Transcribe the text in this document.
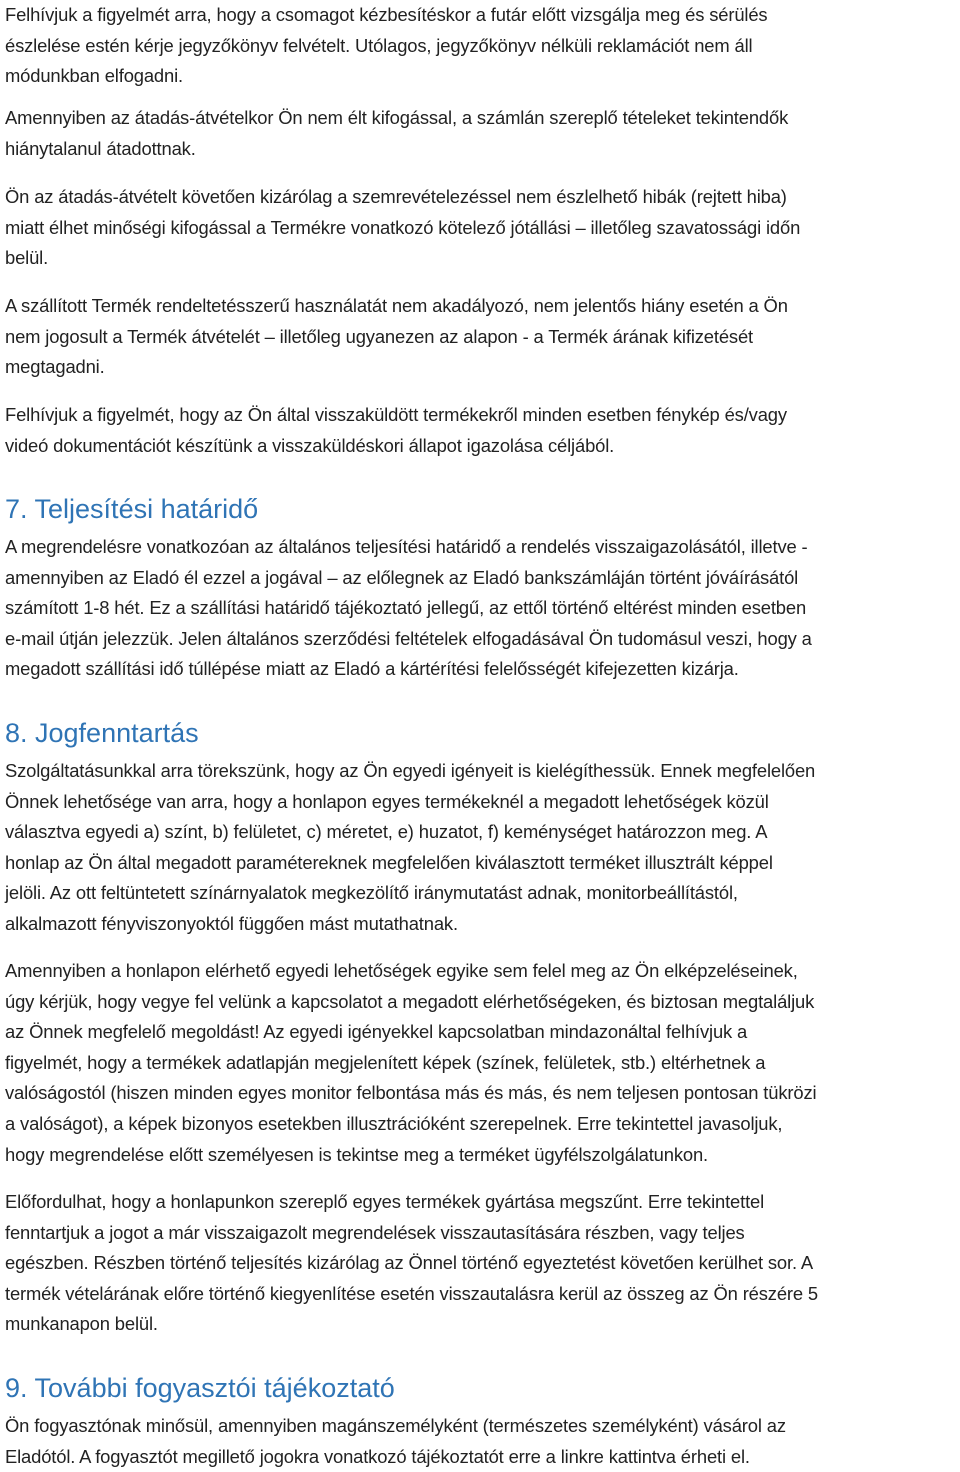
Felhívjuk a figyelmét arra, hogy a csomagot kézbesítéskor a futár előtt vizsgálja meg és sérülés
észlelése estén kérje jegyzőkönyv felvételt. Utólagos, jegyzőkönyv nélküli reklamációt nem áll
módunkban elfogadni.
Amennyiben az átadás-átvételkor Ön nem élt kifogással, a számlán szereplő tételeket tekintendők
hiánytalanul átadottnak.
Ön az átadás-átvételt követően kizárólag a szemrevételezéssel nem észlelhető hibák (rejtett hiba)
miatt élhet minőségi kifogással a Termékre vonatkozó kötelező jótállási – illetőleg szavatossági időn
belül.
A szállított Termék rendeltetésszerű használatát nem akadályozó, nem jelentős hiány esetén a Ön
nem jogosult a Termék átvételét – illetőleg ugyanezen az alapon - a Termék árának kifizetését
megtagadni.
Felhívjuk a figyelmét, hogy az Ön által visszaküldött termékekről minden esetben fénykép és/vagy
videó dokumentációt készítünk a visszaküldéskori állapot igazolása céljából.
7. Teljesítési határidő
A megrendelésre vonatkozóan az általános teljesítési határidő a rendelés visszaigazolásától, illetve -
amennyiben az Eladó él ezzel a jogával – az előlegnek az Eladó bankszámláján történt jóváírásától
számított 1-8 hét. Ez a szállítási határidő tájékoztató jellegű, az ettől történő eltérést minden esetben
e-mail útján jelezzük. Jelen általános szerződési feltételek elfogadásával Ön tudomásul veszi, hogy a
megadott szállítási idő túllépése miatt az Eladó a kártérítési felelősségét kifejezetten kizárja.
8. Jogfenntartás
Szolgáltatásunkkal arra törekszünk, hogy az Ön egyedi igényeit is kielégíthessük. Ennek megfelelően
Önnek lehetősége van arra, hogy a honlapon egyes termékeknél a megadott lehetőségek közül
választva egyedi a) színt, b) felületet, c) méretet, e) huzatot, f) keménységet határozzon meg. A
honlap az Ön által megadott paramétereknek megfelelően kiválasztott terméket illusztrált képpel
jelöli. Az ott feltüntetett színárnyalatok megkezölítő iránymutatást adnak, monitorbeállítástól,
alkalmazott fényviszonyoktól függően mást mutathatnak.
Amennyiben a honlapon elérhető egyedi lehetőségek egyike sem felel meg az Ön elképzeléseinek,
úgy kérjük, hogy vegye fel velünk a kapcsolatot a megadott elérhetőségeken, és biztosan megtaláljuk
az Önnek megfelelő megoldást! Az egyedi igényekkel kapcsolatban mindazonáltal felhívjuk a
figyelmét, hogy a termékek adatlapján megjelenített képek (színek, felületek, stb.) eltérhetnek a
valóságostól (hiszen minden egyes monitor felbontása más és más, és nem teljesen pontosan tükrözi
a valóságot), a képek bizonyos esetekben illusztrációként szerepelnek. Erre tekintettel javasoljuk,
hogy megrendelése előtt személyesen is tekintse meg a terméket ügyfélszolgálatunkon.
Előfordulhat, hogy a honlapunkon szereplő egyes termékek gyártása megszűnt. Erre tekintettel
fenntartjuk a jogot a már visszaigazolt megrendelések visszautasítására részben, vagy teljes
egészben. Részben történő teljesítés kizárólag az Önnel történő egyeztetést követően kerülhet sor. A
termék vételárának előre történő kiegyenlítése esetén visszautalásra kerül az összeg az Ön részére 5
munkanapon belül.
9. További fogyasztói tájékoztató
Ön fogyasztónak minősül, amennyiben magánszemélyként (természetes személyként) vásárol az
Eladótól. A fogyasztót megillető jogokra vonatkozó tájékoztatót erre a linkre kattintva érheti el.
